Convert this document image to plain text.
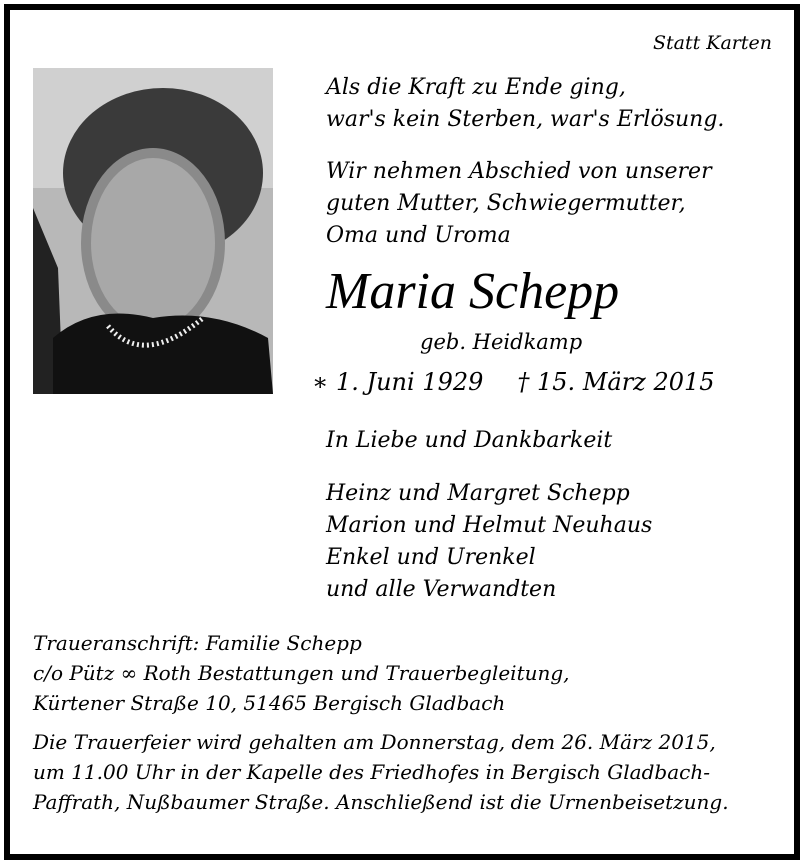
Statt Karten
Als die Kraft zu Ende ging,
war's kein Sterben, war's Erlösung.
Wir nehmen Abschied von unserer
guten Mutter, Schwiegermutter,
Oma und Uroma
Maria Schepp
geb. Heidkamp
∗ 1. Juni 1929 † 15. März 2015
In Liebe und Dankbarkeit
Heinz und Margret Schepp
Marion und Helmut Neuhaus
Enkel und Urenkel
und alle Verwandten
Traueranschrift: Familie Schepp
c/o Pütz ∞ Roth Bestattungen und Trauerbegleitung,
Kürtener Straße 10, 51465 Bergisch Gladbach
Die Trauerfeier wird gehalten am Donnerstag, dem 26. März 2015,
um 11.00 Uhr in der Kapelle des Friedhofes in Bergisch Gladbach-
Paffrath, Nußbaumer Straße. Anschließend ist die Urnenbeisetzung.
